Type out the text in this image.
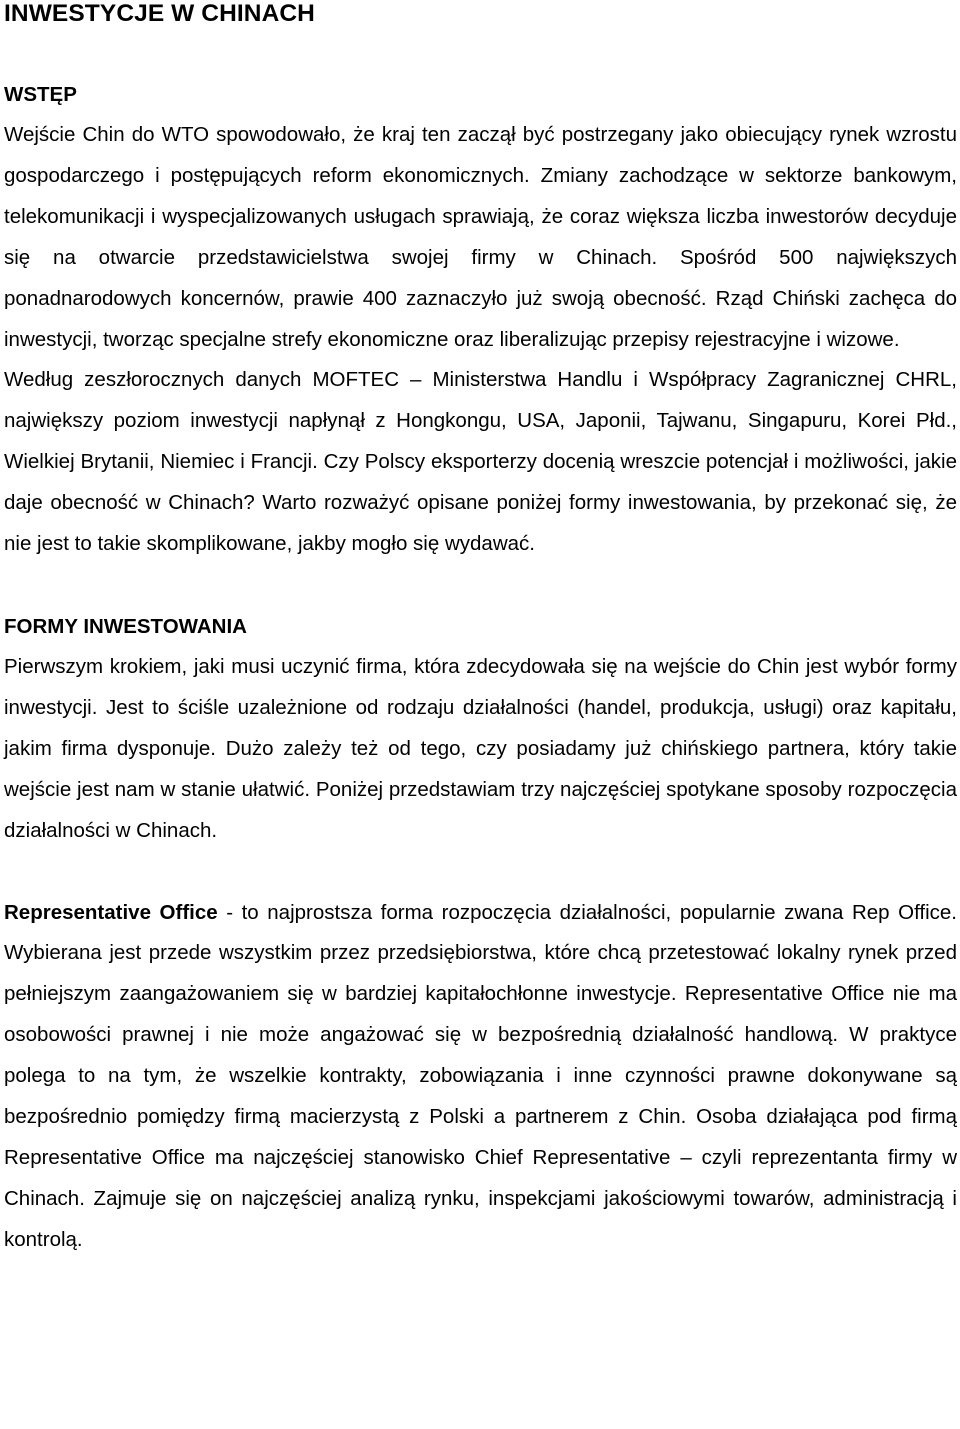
INWESTYCJE W CHINACH
WSTĘP

Wejście Chin do WTO spowodowało, że kraj ten zaczął być postrzegany jako obiecujący rynek wzrostu gospodarczego i postępujących reform ekonomicznych. Zmiany zachodzące w sektorze bankowym, telekomunikacji i wyspecjalizowanych usługach sprawiają, że coraz większa liczba inwestorów decyduje się na otwarcie przedstawicielstwa swojej firmy w Chinach. Spośród 500 największych ponadnarodowych koncernów, prawie 400 zaznaczyło już swoją obecność. Rząd Chiński zachęca do inwestycji, tworząc specjalne strefy ekonomiczne oraz liberalizując przepisy rejestracyjne i wizowe.

Według zeszłorocznych danych MOFTEC – Ministerstwa Handlu i Współpracy Zagranicznej CHRL, największy poziom inwestycji napłynął z Hongkongu, USA, Japonii, Tajwanu, Singapuru, Korei Płd., Wielkiej Brytanii, Niemiec i Francji. Czy Polscy eksporterzy docenią wreszcie potencjał i możliwości, jakie daje obecność w Chinach? Warto rozważyć opisane poniżej formy inwestowania, by przekonać się, że nie jest to takie skomplikowane, jakby mogło się wydawać.

FORMY INWESTOWANIA

Pierwszym krokiem, jaki musi uczynić firma, która zdecydowała się na wejście do Chin jest wybór formy inwestycji. Jest to ściśle uzależnione od rodzaju działalności (handel, produkcja, usługi) oraz kapitału, jakim firma dysponuje. Dużo zależy też od tego, czy posiadamy już chińskiego partnera, który takie wejście jest nam w stanie ułatwić. Poniżej przedstawiam trzy najczęściej spotykane sposoby rozpoczęcia działalności w Chinach.

Representative Office - to najprostsza forma rozpoczęcia działalności, popularnie zwana Rep Office. Wybierana jest przede wszystkim przez przedsiębiorstwa, które chcą przetestować lokalny rynek przed pełniejszym zaangażowaniem się w bardziej kapitałochłonne inwestycje. Representative Office nie ma osobowości prawnej i nie może angażować się w bezpośrednią działalność handlową. W praktyce polega to na tym, że wszelkie kontrakty, zobowiązania i inne czynności prawne dokonywane są bezpośrednio pomiędzy firmą macierzystą z Polski a partnerem z Chin. Osoba działająca pod firmą Representative Office ma najczęściej stanowisko Chief Representative – czyli reprezentanta firmy w Chinach. Zajmuje się on najczęściej analizą rynku, inspekcjami jakościowymi towarów, administracją i kontrolą.
